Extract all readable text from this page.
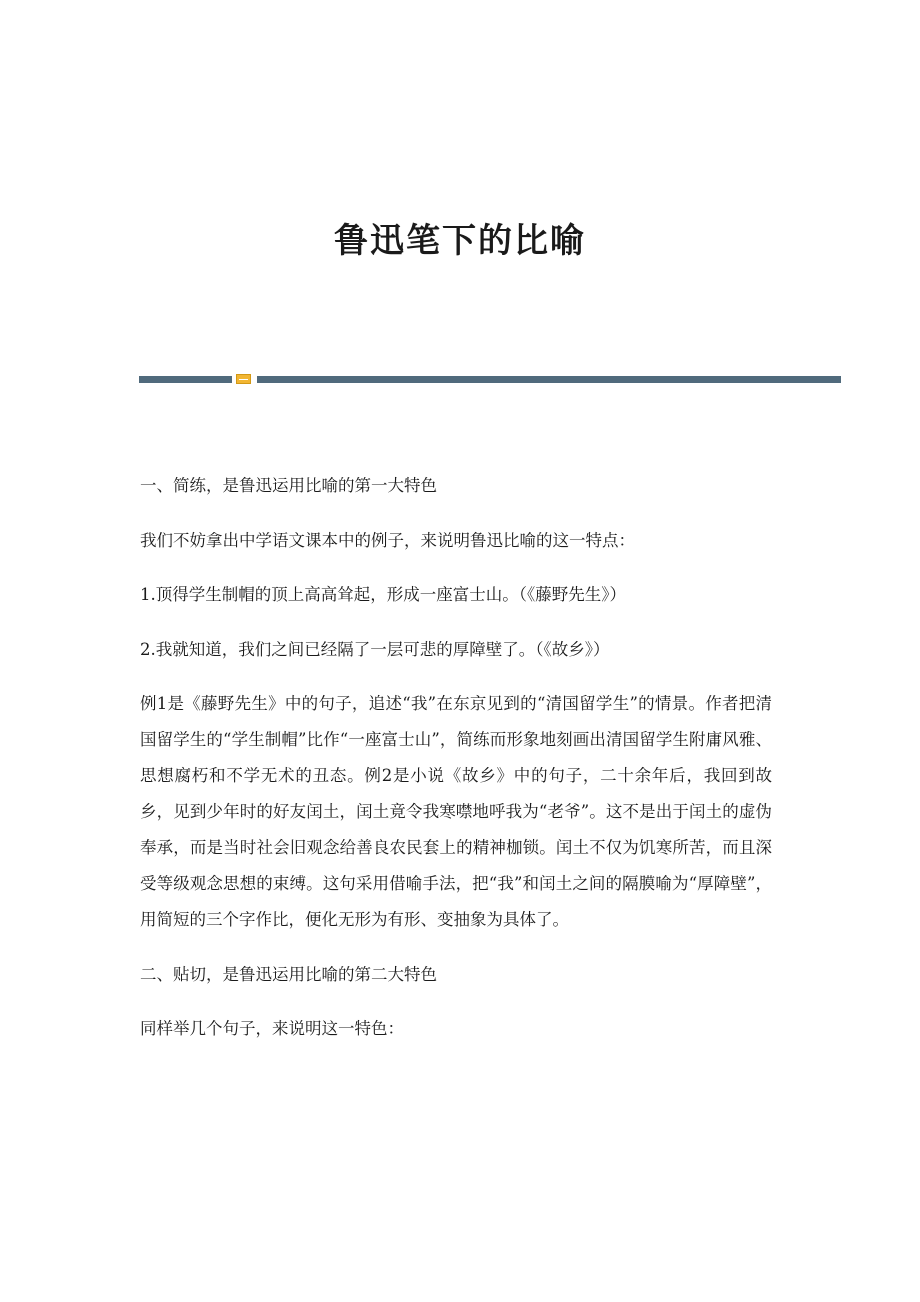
鲁迅笔下的比喻

一、简练，是鲁迅运用比喻的第一大特色

我们不妨拿出中学语文课本中的例子，来说明鲁迅比喻的这一特点：

1.顶得学生制帽的顶上高高耸起，形成一座富士山。（《藤野先生》）

2.我就知道，我们之间已经隔了一层可悲的厚障壁了。（《故乡》）

例1是《藤野先生》中的句子，追述“我”在东京见到的“清国留学生”的情景。作者把清国留学生的“学生制帽”比作“一座富士山”，简练而形象地刻画出清国留学生附庸风雅、思想腐朽和不学无术的丑态。例2是小说《故乡》中的句子，二十余年后，我回到故乡，见到少年时的好友闰土，闰土竟令我寒噤地呼我为“老爷”。这不是出于闰土的虚伪奉承，而是当时社会旧观念给善良农民套上的精神枷锁。闰土不仅为饥寒所苦，而且深受等级观念思想的束缚。这句采用借喻手法，把“我”和闰土之间的隔膜喻为“厚障壁”，用简短的三个字作比，便化无形为有形、变抽象为具体了。

二、贴切，是鲁迅运用比喻的第二大特色

同样举几个句子，来说明这一特色：
